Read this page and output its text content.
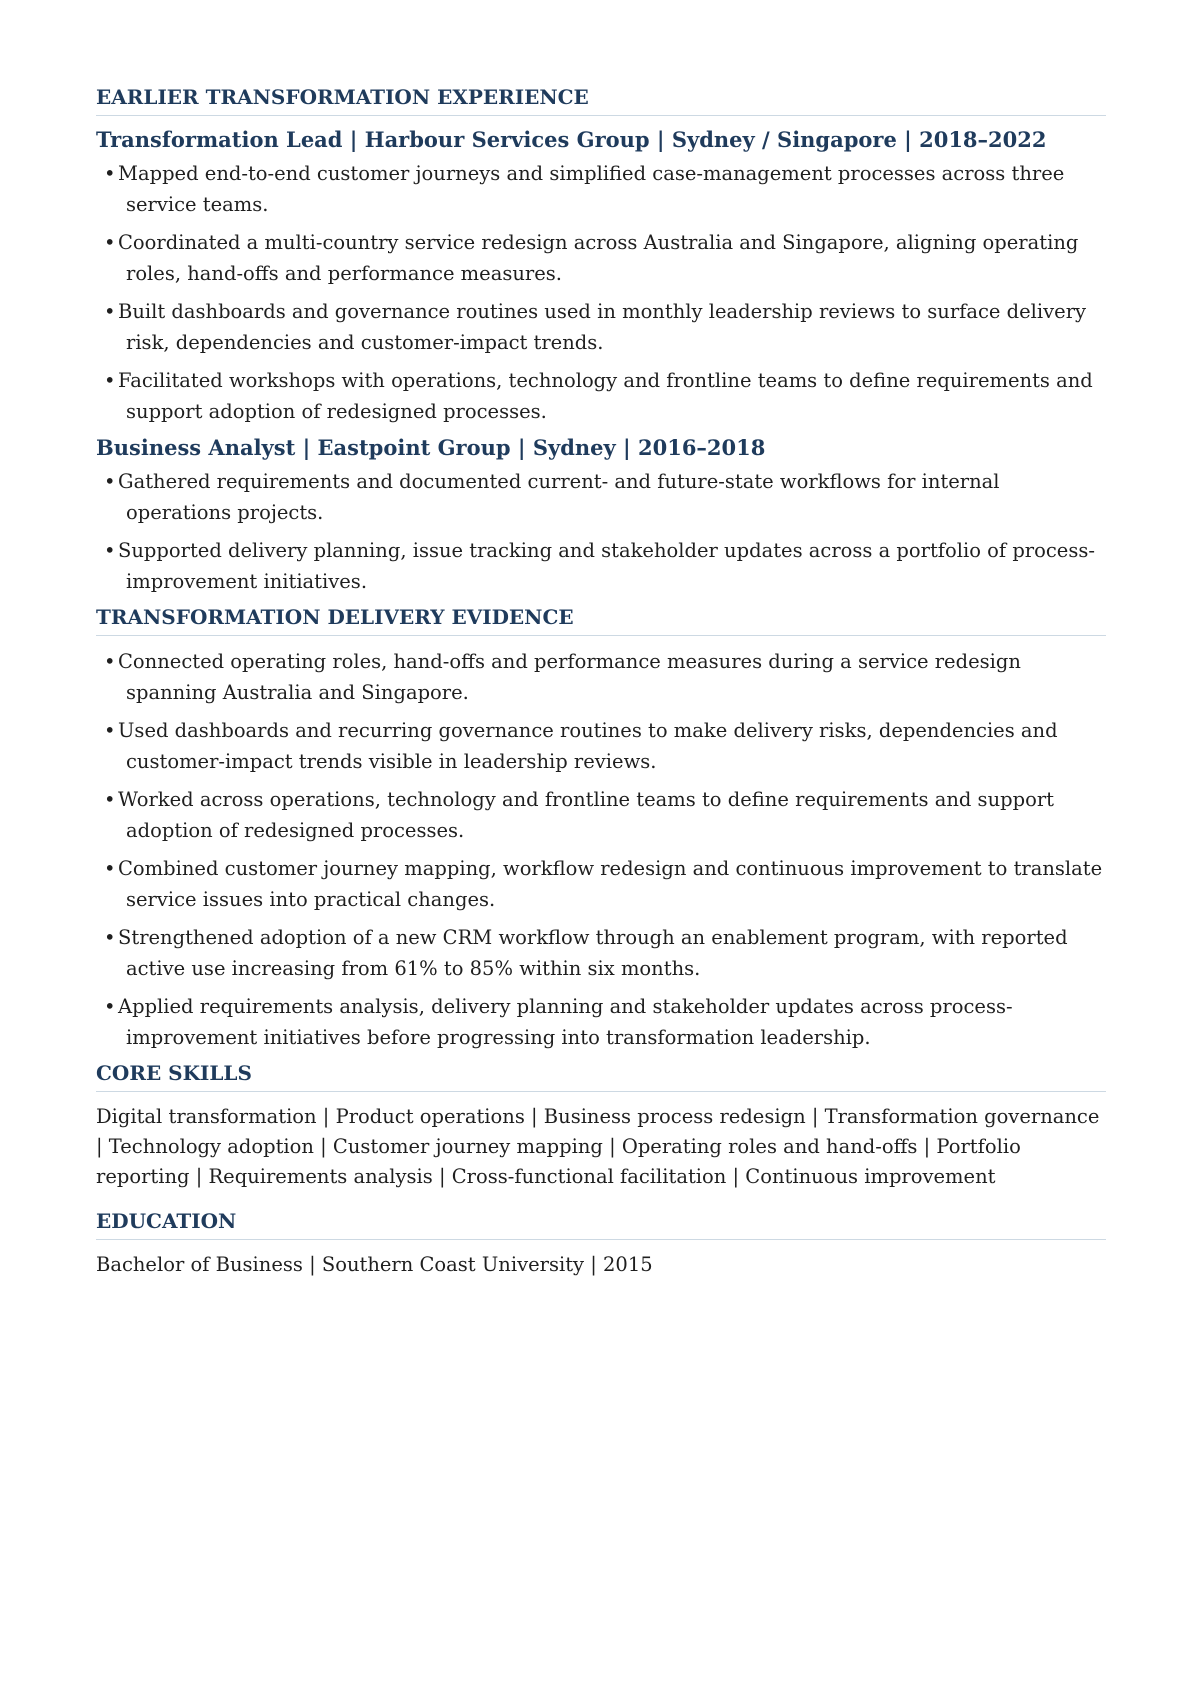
EARLIER TRANSFORMATION EXPERIENCE
Transformation Lead | Harbour Services Group | Sydney / Singapore | 2018–2022
• Mapped end-to-end customer journeys and simplified case-management processes across three service teams.
• Coordinated a multi-country service redesign across Australia and Singapore, aligning operating roles, hand-offs and performance measures.
• Built dashboards and governance routines used in monthly leadership reviews to surface delivery risk, dependencies and customer-impact trends.
• Facilitated workshops with operations, technology and frontline teams to define requirements and support adoption of redesigned processes.
Business Analyst | Eastpoint Group | Sydney | 2016–2018
• Gathered requirements and documented current- and future-state workflows for internal operations projects.
• Supported delivery planning, issue tracking and stakeholder updates across a portfolio of process-improvement initiatives.
TRANSFORMATION DELIVERY EVIDENCE
• Connected operating roles, hand-offs and performance measures during a service redesign spanning Australia and Singapore.
• Used dashboards and recurring governance routines to make delivery risks, dependencies and customer-impact trends visible in leadership reviews.
• Worked across operations, technology and frontline teams to define requirements and support adoption of redesigned processes.
• Combined customer journey mapping, workflow redesign and continuous improvement to translate service issues into practical changes.
• Strengthened adoption of a new CRM workflow through an enablement program, with reported active use increasing from 61% to 85% within six months.
• Applied requirements analysis, delivery planning and stakeholder updates across process-improvement initiatives before progressing into transformation leadership.
CORE SKILLS

Digital transformation | Product operations | Business process redesign | Transformation governance | Technology adoption | Customer journey mapping | Operating roles and hand-offs | Portfolio reporting | Requirements analysis | Cross-functional facilitation | Continuous improvement

EDUCATION

Bachelor of Business | Southern Coast University | 2015
